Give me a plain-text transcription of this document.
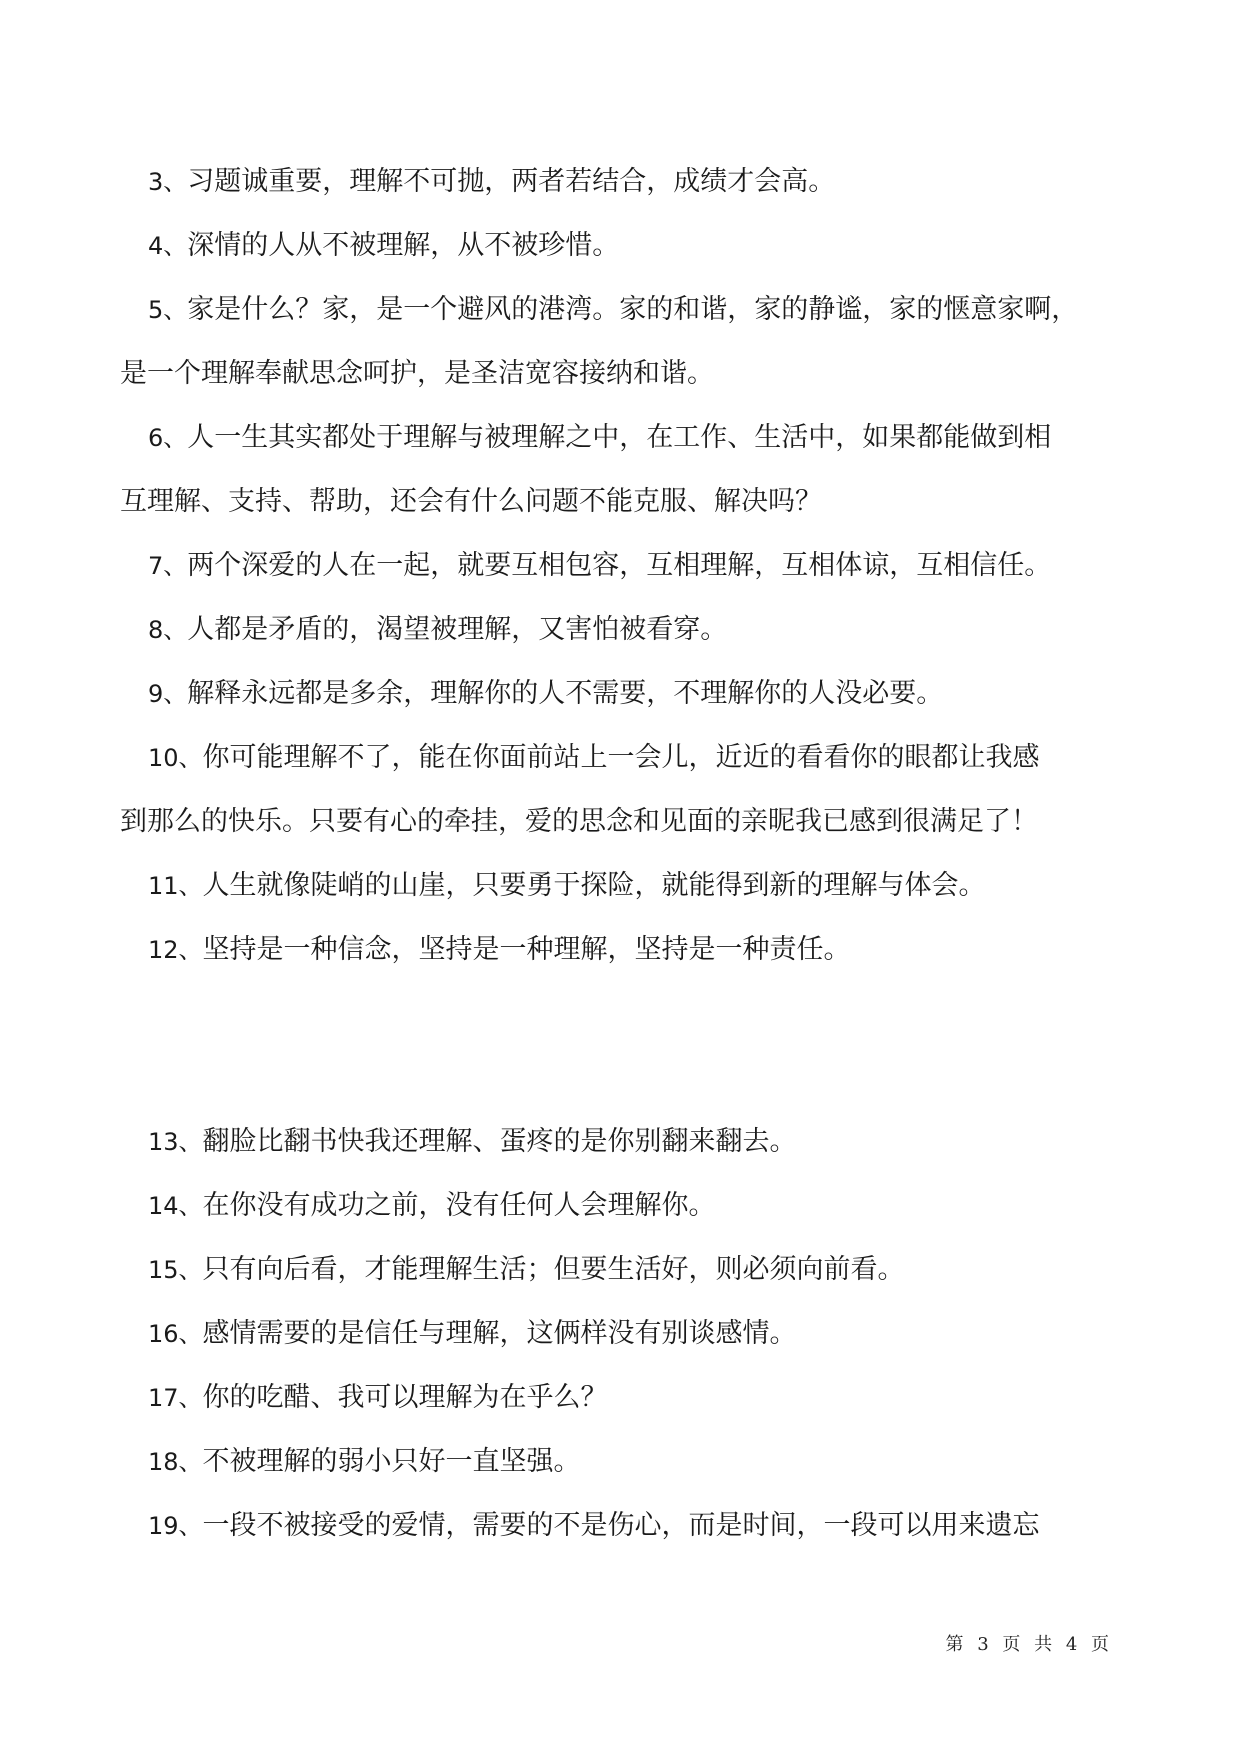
3、习题诚重要，理解不可抛，两者若结合，成绩才会高。

4、深情的人从不被理解，从不被珍惜。

5、家是什么？家，是一个避风的港湾。家的和谐，家的静谧，家的惬意家啊，
是一个理解奉献思念呵护，是圣洁宽容接纳和谐。

6、人一生其实都处于理解与被理解之中，在工作、生活中，如果都能做到相
互理解、支持、帮助，还会有什么问题不能克服、解决吗？

7、两个深爱的人在一起，就要互相包容，互相理解，互相体谅，互相信任。

8、人都是矛盾的，渴望被理解，又害怕被看穿。

9、解释永远都是多余，理解你的人不需要，不理解你的人没必要。

10、你可能理解不了，能在你面前站上一会儿，近近的看看你的眼都让我感
到那么的快乐。只要有心的牵挂，爱的思念和见面的亲昵我已感到很满足了！

11、人生就像陡峭的山崖，只要勇于探险，就能得到新的理解与体会。

12、坚持是一种信念，坚持是一种理解，坚持是一种责任。

13、翻脸比翻书快我还理解、蛋疼的是你别翻来翻去。

14、在你没有成功之前，没有任何人会理解你。

15、只有向后看，才能理解生活；但要生活好，则必须向前看。

16、感情需要的是信任与理解，这俩样没有别谈感情。

17、你的吃醋、我可以理解为在乎么？

18、不被理解的弱小只好一直坚强。

19、一段不被接受的爱情，需要的不是伤心，而是时间，一段可以用来遗忘

第 3 页 共 4 页
